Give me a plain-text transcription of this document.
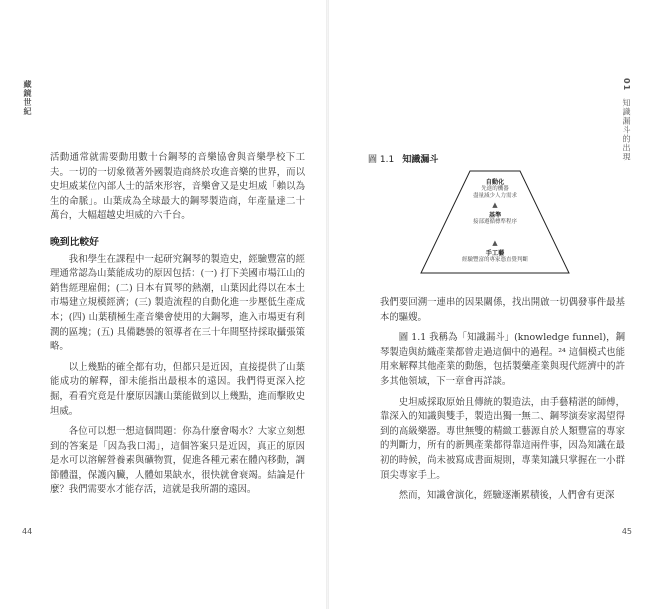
藏鏡世紀

活動通常就需要動用數十台鋼琴的音樂協會與音樂學校下工夫。一切的一切象徵著外國製造商終於攻進音樂的世界，而以史坦威某位內部人士的話來形容，音樂會又是史坦威「賴以為生的命脈」。山葉成為全球最大的鋼琴製造商，年產量達二十萬台，大幅超越史坦威的六千台。

晚到比較好

我和學生在課程中一起研究鋼琴的製造史，經驗豐富的經理通常認為山葉能成功的原因包括：(一) 打下美國市場江山的銷售經理雇佣；(二) 日本有買琴的熱潮，山葉因此得以在本土市場建立規模經濟；(三) 製造流程的自動化進一步壓低生產成本；(四) 山葉積極生產音樂會使用的大鋼琴，進入市場更有利潤的區塊；(五) 具備聽曇的領導者在三十年間堅持採取攝張策略。

以上幾點的確全都有功，但都只是近因，直接提供了山葉能成功的解釋，卻未能指出最根本的遠因。我們得更深入挖掘，看看究竟是什麼原因讓山葉能做到以上幾點，進而擊敗史坦威。

各位可以想一想這個問題：你為什麼會喝水？大家立刻想到的答案是「因為我口渴」，這個答案只是近因，真正的原因是水可以溶解營養素與礦物質，促進各種元素在體內移動，調節體溫，保護內臟，人體如果缺水，很快就會衰竭。結論是什麼？我們需要水才能存活，這就是我所謂的遠因。

44
01 知識漏斗的出現
圖 1.1 知識漏斗
自動化
先進的機器
盡量減少人力需求
▲
基準
接部遵循標準程序
▲
手工藝
經驗豐富的專家憑直覺判斷

我們要回溯一連串的因果關係，找出開啟一切偶發事件最基本的驅嫂。

圖 1.1 我稱為「知識漏斗」(knowledge funnel)，鋼琴製造與紡織產業都曾走過這個中的過程。²⁴ 這個模式也能用來解釋其他產業的動態，包括製藥產業與現代經濟中的許多其他領域，下一章會再詳談。

史坦威採取原始且傳統的製造法，由手藝精湛的師傅，靠深入的知識與雙手，製造出獨一無二、鋼琴演奏家渴望得到的高級樂器。專世無雙的精緻工藝源自於人類豐富的專家的判斷力，所有的新興產業都得靠這兩件事，因為知識在最初的時候，尚未被寫成書面規則，專業知識只掌握在一小群頂尖專家手上。

然而，知識會演化，經驗逐漸累積後，人們會有更深

45
